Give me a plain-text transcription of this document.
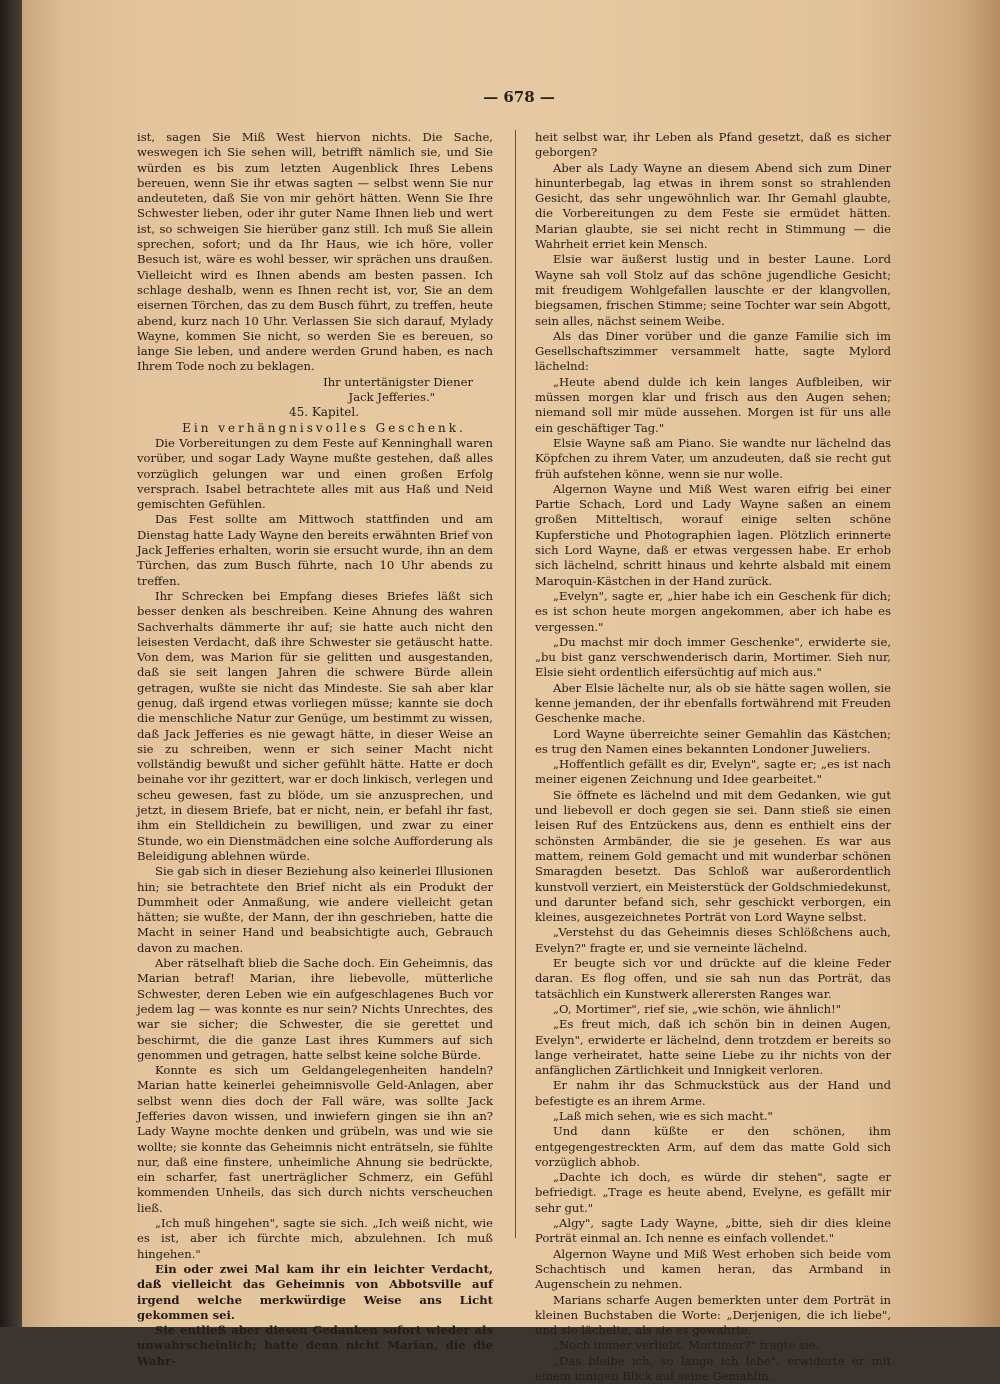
— 678 —

ist, sagen Sie Miß West hiervon nichts. Die Sache, weswegen ich Sie sehen will, betrifft nämlich sie, und Sie würden es bis zum letzten Augenblick Ihres Lebens bereuen, wenn Sie ihr etwas sagten — selbst wenn Sie nur andeuteten, daß Sie von mir gehört hätten. Wenn Sie Ihre Schwester lieben, oder ihr guter Name Ihnen lieb und wert ist, so schweigen Sie hierüber ganz still. Ich muß Sie allein sprechen, sofort; und da Ihr Haus, wie ich höre, voller Besuch ist, wäre es wohl besser, wir sprächen uns draußen. Vielleicht wird es Ihnen abends am besten passen. Ich schlage deshalb, wenn es Ihnen recht ist, vor, Sie an dem eisernen Törchen, das zu dem Busch führt, zu treffen, heute abend, kurz nach 10 Uhr. Verlassen Sie sich darauf, Mylady Wayne, kommen Sie nicht, so werden Sie es bereuen, so lange Sie leben, und andere werden Grund haben, es nach Ihrem Tode noch zu beklagen.

Ihr untertänigster Diener

Jack Jefferies."

45. Kapitel.

Ein verhängnisvolles Geschenk.

Die Vorbereitungen zu dem Feste auf Kenninghall waren vorüber, und sogar Lady Wayne mußte gestehen, daß alles vorzüglich gelungen war und einen großen Erfolg versprach. Isabel betrachtete alles mit aus Haß und Neid gemischten Gefühlen.

Das Fest sollte am Mittwoch stattfinden und am Dienstag hatte Lady Wayne den bereits erwähnten Brief von Jack Jefferies erhalten, worin sie ersucht wurde, ihn an dem Türchen, das zum Busch führte, nach 10 Uhr abends zu treffen.

Ihr Schrecken bei Empfang dieses Briefes läßt sich besser denken als beschreiben. Keine Ahnung des wahren Sachverhalts dämmerte ihr auf; sie hatte auch nicht den leisesten Verdacht, daß ihre Schwester sie getäuscht hatte. Von dem, was Marion für sie gelitten und ausgestanden, daß sie seit langen Jahren die schwere Bürde allein getragen, wußte sie nicht das Mindeste. Sie sah aber klar genug, daß irgend etwas vorliegen müsse; kannte sie doch die menschliche Natur zur Genüge, um bestimmt zu wissen, daß Jack Jefferies es nie gewagt hätte, in dieser Weise an sie zu schreiben, wenn er sich seiner Macht nicht vollständig bewußt und sicher gefühlt hätte. Hatte er doch beinahe vor ihr gezittert, war er doch linkisch, verlegen und scheu gewesen, fast zu blöde, um sie anzusprechen, und jetzt, in diesem Briefe, bat er nicht, nein, er befahl ihr fast, ihm ein Stelldichein zu bewilligen, und zwar zu einer Stunde, wo ein Dienstmädchen eine solche Aufforderung als Beleidigung ablehnen würde.

Sie gab sich in dieser Beziehung also keinerlei Illusionen hin; sie betrachtete den Brief nicht als ein Produkt der Dummheit oder Anmaßung, wie andere vielleicht getan hätten; sie wußte, der Mann, der ihn geschrieben, hatte die Macht in seiner Hand und beabsichtigte auch, Gebrauch davon zu machen.

Aber rätselhaft blieb die Sache doch. Ein Geheimnis, das Marian betraf! Marian, ihre liebevolle, mütterliche Schwester, deren Leben wie ein aufgeschlagenes Buch vor jedem lag — was konnte es nur sein? Nichts Unrechtes, des war sie sicher; die Schwester, die sie gerettet und beschirmt, die die ganze Last ihres Kummers auf sich genommen und getragen, hatte selbst keine solche Bürde.

Konnte es sich um Geldangelegenheiten handeln? Marian hatte keinerlei geheimnisvolle Geld-Anlagen, aber selbst wenn dies doch der Fall wäre, was sollte Jack Jefferies davon wissen, und inwiefern gingen sie ihn an? Lady Wayne mochte denken und grübeln, was und wie sie wollte; sie konnte das Geheimnis nicht enträtseln, sie fühlte nur, daß eine finstere, unheimliche Ahnung sie bedrückte, ein scharfer, fast unerträglicher Schmerz, ein Gefühl kommenden Unheils, das sich durch nichts verscheuchen ließ.

„Ich muß hingehen", sagte sie sich. „Ich weiß nicht, wie es ist, aber ich fürchte mich, abzulehnen. Ich muß hingehen."

Ein oder zwei Mal kam ihr ein leichter Verdacht, daß vielleicht das Geheimnis von Abbotsville auf irgend welche merkwürdige Weise ans Licht gekommen sei.

Sie entließ aber diesen Gedanken sofort wieder als unwahrscheinlich; hatte denn nicht Marian, die die Wahr-

heit selbst war, ihr Leben als Pfand gesetzt, daß es sicher geborgen?

Aber als Lady Wayne an diesem Abend sich zum Diner hinunterbegab, lag etwas in ihrem sonst so strahlenden Gesicht, das sehr ungewöhnlich war. Ihr Gemahl glaubte, die Vorbereitungen zu dem Feste sie ermüdet hätten. Marian glaubte, sie sei nicht recht in Stimmung — die Wahrheit erriet kein Mensch.

Elsie war äußerst lustig und in bester Laune. Lord Wayne sah voll Stolz auf das schöne jugendliche Gesicht; mit freudigem Wohlgefallen lauschte er der klangvollen, biegsamen, frischen Stimme; seine Tochter war sein Abgott, sein alles, nächst seinem Weibe.

Als das Diner vorüber und die ganze Familie sich im Gesellschaftszimmer versammelt hatte, sagte Mylord lächelnd:

„Heute abend dulde ich kein langes Aufbleiben, wir müssen morgen klar und frisch aus den Augen sehen; niemand soll mir müde aussehen. Morgen ist für uns alle ein geschäftiger Tag."

Elsie Wayne saß am Piano. Sie wandte nur lächelnd das Köpfchen zu ihrem Vater, um anzudeuten, daß sie recht gut früh aufstehen könne, wenn sie nur wolle.

Algernon Wayne und Miß West waren eifrig bei einer Partie Schach, Lord und Lady Wayne saßen an einem großen Mitteltisch, worauf einige selten schöne Kupferstiche und Photographien lagen. Plötzlich erinnerte sich Lord Wayne, daß er etwas vergessen habe. Er erhob sich lächelnd, schritt hinaus und kehrte alsbald mit einem Maroquin-Kästchen in der Hand zurück.

„Evelyn", sagte er, „hier habe ich ein Geschenk für dich; es ist schon heute morgen angekommen, aber ich habe es vergessen."

„Du machst mir doch immer Geschenke", erwiderte sie, „bu bist ganz verschwenderisch darin, Mortimer. Sieh nur, Elsie sieht ordentlich eifersüchtig auf mich aus."

Aber Elsie lächelte nur, als ob sie hätte sagen wollen, sie kenne jemanden, der ihr ebenfalls fortwährend mit Freuden Geschenke mache.

Lord Wayne überreichte seiner Gemahlin das Kästchen; es trug den Namen eines bekannten Londoner Juweliers.

„Hoffentlich gefällt es dir, Evelyn", sagte er; „es ist nach meiner eigenen Zeichnung und Idee gearbeitet."

Sie öffnete es lächelnd und mit dem Gedanken, wie gut und liebevoll er doch gegen sie sei. Dann stieß sie einen leisen Ruf des Entzückens aus, denn es enthielt eins der schönsten Armbänder, die sie je gesehen. Es war aus mattem, reinem Gold gemacht und mit wunderbar schönen Smaragden besetzt. Das Schloß war außerordentlich kunstvoll verziert, ein Meisterstück der Goldschmiedekunst, und darunter befand sich, sehr geschickt verborgen, ein kleines, ausgezeichnetes Porträt von Lord Wayne selbst.

„Verstehst du das Geheimnis dieses Schlößchens auch, Evelyn?" fragte er, und sie verneinte lächelnd.

Er beugte sich vor und drückte auf die kleine Feder daran. Es flog offen, und sie sah nun das Porträt, das tatsächlich ein Kunstwerk allerersten Ranges war.

„O, Mortimer", rief sie, „wie schön, wie ähnlich!"

„Es freut mich, daß ich schön bin in deinen Augen, Evelyn", erwiderte er lächelnd, denn trotzdem er bereits so lange verheiratet, hatte seine Liebe zu ihr nichts von der anfänglichen Zärtlichkeit und Innigkeit verloren.

Er nahm ihr das Schmuckstück aus der Hand und befestigte es an ihrem Arme.

„Laß mich sehen, wie es sich macht."

Und dann küßte er den schönen, ihm entgegengestreckten Arm, auf dem das matte Gold sich vorzüglich abhob.

„Dachte ich doch, es würde dir stehen", sagte er befriedigt. „Trage es heute abend, Evelyne, es gefällt mir sehr gut."

„Algy", sagte Lady Wayne, „bitte, sieh dir dies kleine Porträt einmal an. Ich nenne es einfach vollendet."

Algernon Wayne und Miß West erhoben sich beide vom Schachtisch und kamen heran, das Armband in Augenschein zu nehmen.

Marians scharfe Augen bemerkten unter dem Porträt in kleinen Buchstaben die Worte: „Derjenigen, die ich liebe", und sie lächelte, als sie es gewahrte.

„Noch immer verliebt, Mortimer?" fragte sie.

„Das bleibe ich, so lange ich lebe", erwiderte er mit einem innigen Blick auf seine Gemahlin.
